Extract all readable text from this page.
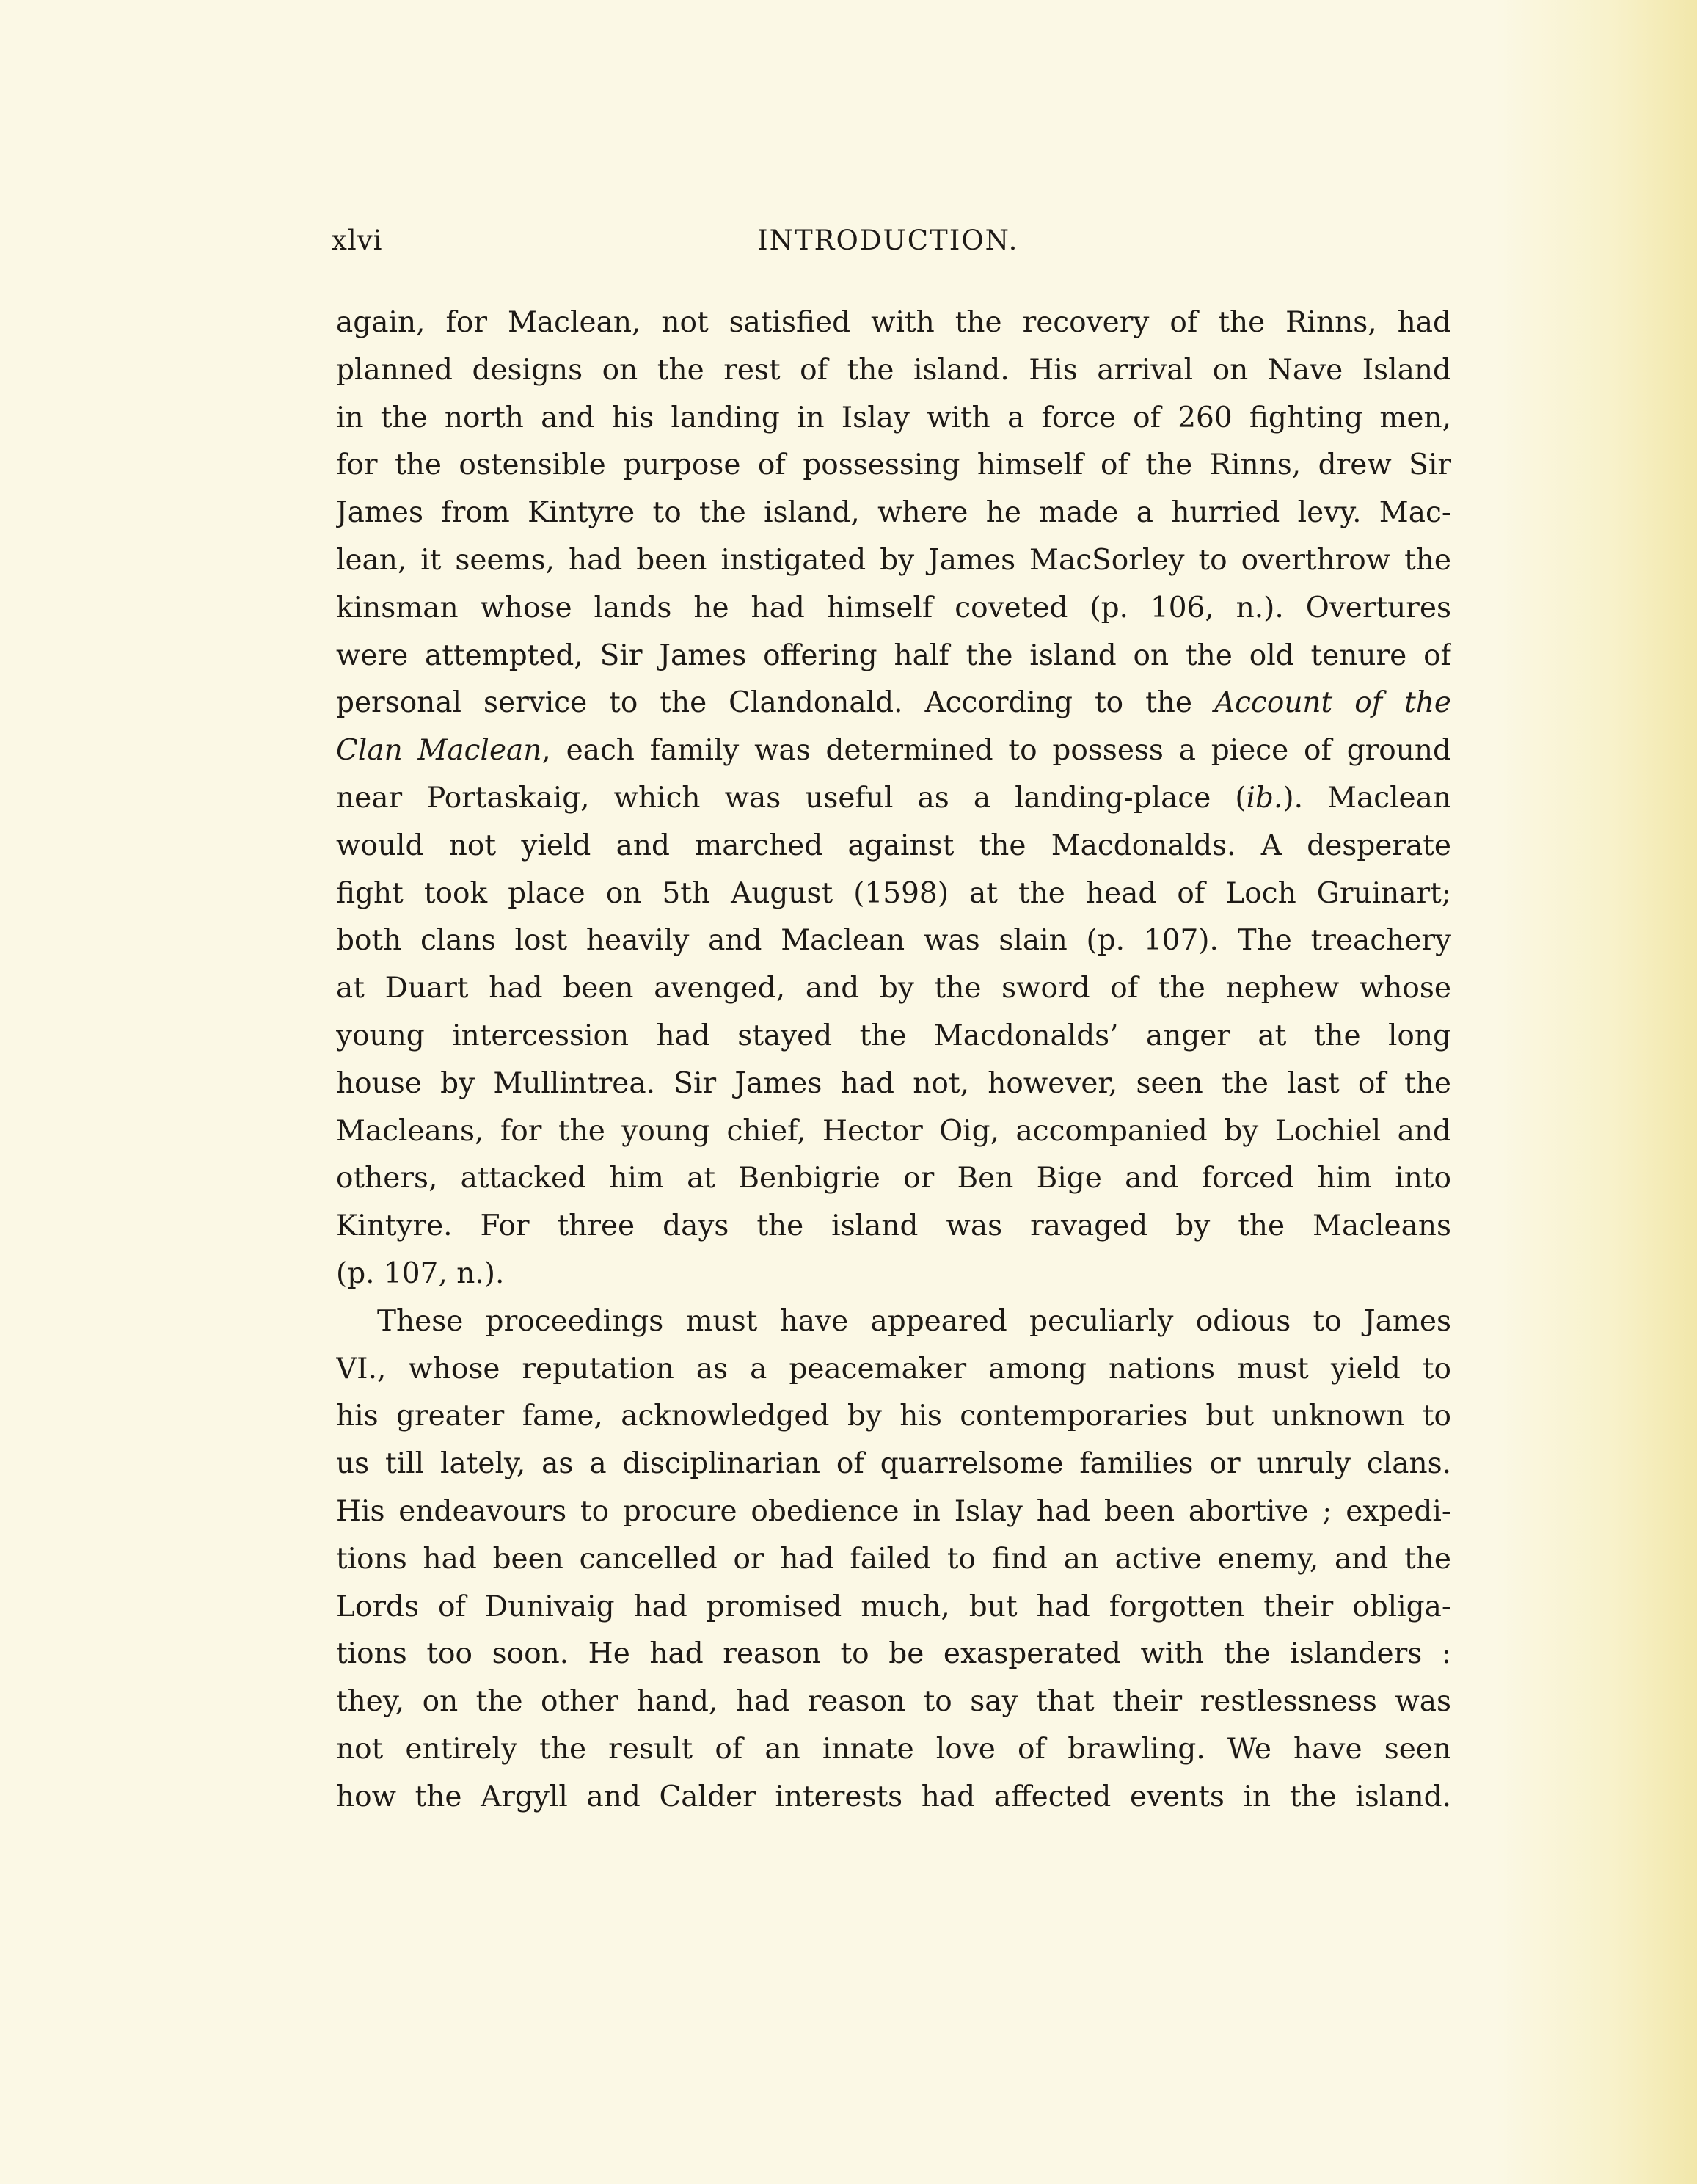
xlvi	INTRODUCTION.
again, for Maclean, not satisfied with the recovery of the Rinns, had
planned designs on the rest of the island. His arrival on Nave Island
in the north and his landing in Islay with a force of 260 fighting men,
for the ostensible purpose of possessing himself of the Rinns, drew Sir
James from Kintyre to the island, where he made a hurried levy. Mac-
lean, it seems, had been instigated by James MacSorley to overthrow the
kinsman whose lands he had himself coveted (p. 106, n.). Overtures
were attempted, Sir James offering half the island on the old tenure of
personal service to the Clandonald. According to the Account of the
Clan Maclean, each family was determined to possess a piece of ground
near Portaskaig, which was useful as a landing-place (ib.). Maclean
would not yield and marched against the Macdonalds. A desperate
fight took place on 5th August (1598) at the head of Loch Gruinart;
both clans lost heavily and Maclean was slain (p. 107). The treachery
at Duart had been avenged, and by the sword of the nephew whose
young intercession had stayed the Macdonalds’ anger at the long
house by Mullintrea. Sir James had not, however, seen the last of the
Macleans, for the young chief, Hector Oig, accompanied by Lochiel and
others, attacked him at Benbigrie or Ben Bige and forced him into
Kintyre. For three days the island was ravaged by the Macleans
(p. 107, n.).
These proceedings must have appeared peculiarly odious to James
VI., whose reputation as a peacemaker among nations must yield to
his greater fame, acknowledged by his contemporaries but unknown to
us till lately, as a disciplinarian of quarrelsome families or unruly clans.
His endeavours to procure obedience in Islay had been abortive ; expedi-
tions had been cancelled or had failed to find an active enemy, and the
Lords of Dunivaig had promised much, but had forgotten their obliga-
tions too soon. He had reason to be exasperated with the islanders :
they, on the other hand, had reason to say that their restlessness was
not entirely the result of an innate love of brawling. We have seen
how the Argyll and Calder interests had affected events in the island.
